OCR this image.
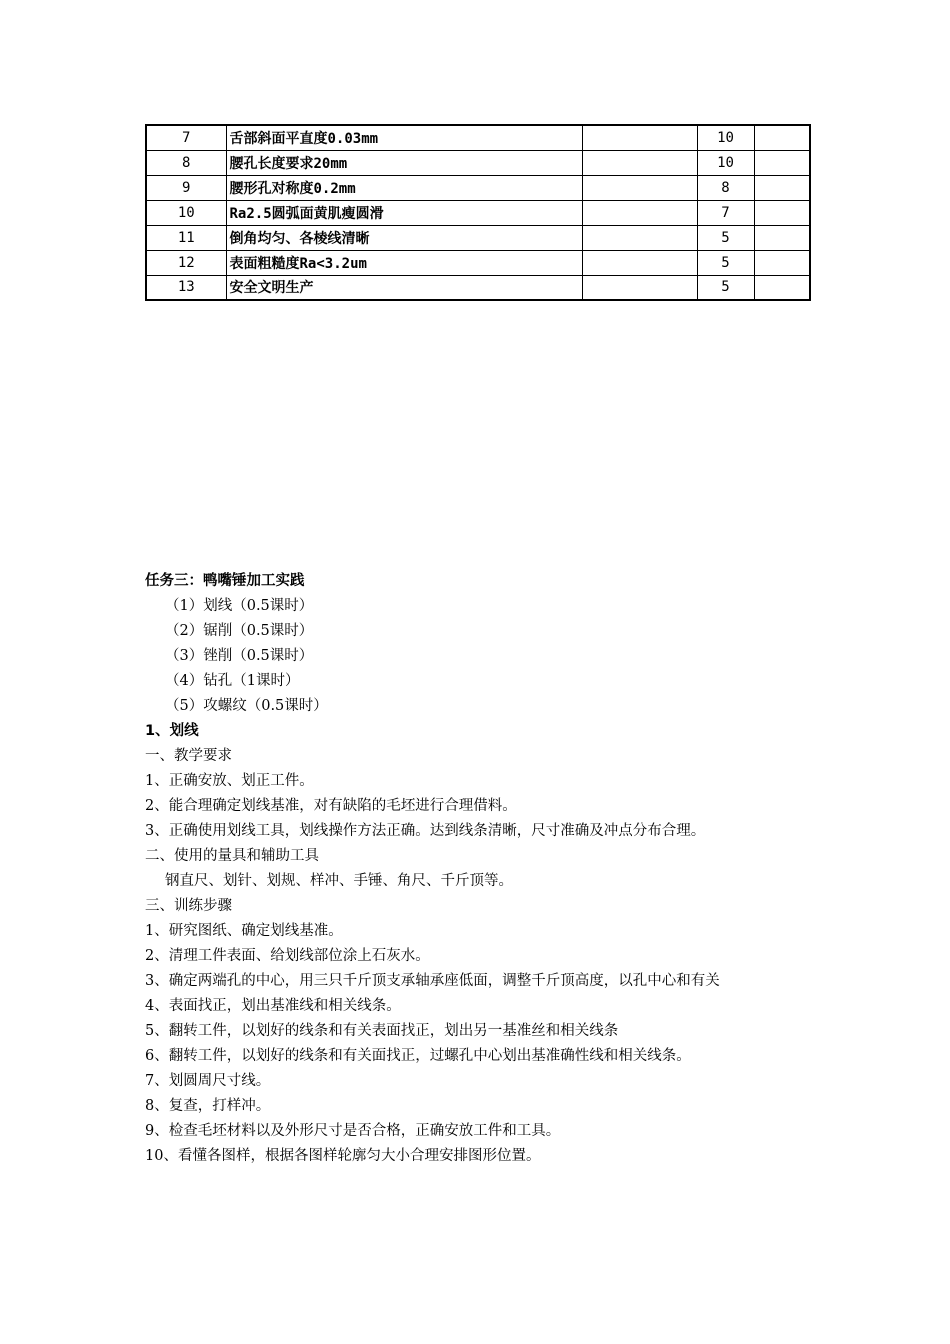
7	舌部斜面平直度0.03mm		10	
8	腰孔长度要求20mm		10	
9	腰形孔对称度0.2mm		8	
10	Ra2.5圆弧面黄肌瘦圆滑		7	
11	倒角均匀、各棱线清晰		5	
12	表面粗糙度Ra<3.2um		5	
13	安全文明生产		5	
任务三：鸭嘴锤加工实践
（1）划线（0.5课时）
（2）锯削（0.5课时）
（3）锉削（0.5课时）
（4）钻孔（1课时）
（5）攻螺纹（0.5课时）
1、划线
一、教学要求
1、正确安放、划正工件。
2、能合理确定划线基准，对有缺陷的毛坯进行合理借料。
3、正确使用划线工具，划线操作方法正确。达到线条清晰，尺寸准确及冲点分布合理。
二、使用的量具和辅助工具
钢直尺、划针、划规、样冲、手锤、角尺、千斤顶等。
三、训练步骤
1、研究图纸、确定划线基准。
2、清理工件表面、给划线部位涂上石灰水。
3、确定两端孔的中心，用三只千斤顶支承轴承座低面，调整千斤顶高度，以孔中心和有关
4、表面找正，划出基准线和相关线条。
5、翻转工件，以划好的线条和有关表面找正，划出另一基准丝和相关线条
6、翻转工件，以划好的线条和有关面找正，过螺孔中心划出基准确性线和相关线条。
7、划圆周尺寸线。
8、复查，打样冲。
9、检查毛坯材料以及外形尺寸是否合格，正确安放工件和工具。
10、看懂各图样，根据各图样轮廓匀大小合理安排图形位置。
